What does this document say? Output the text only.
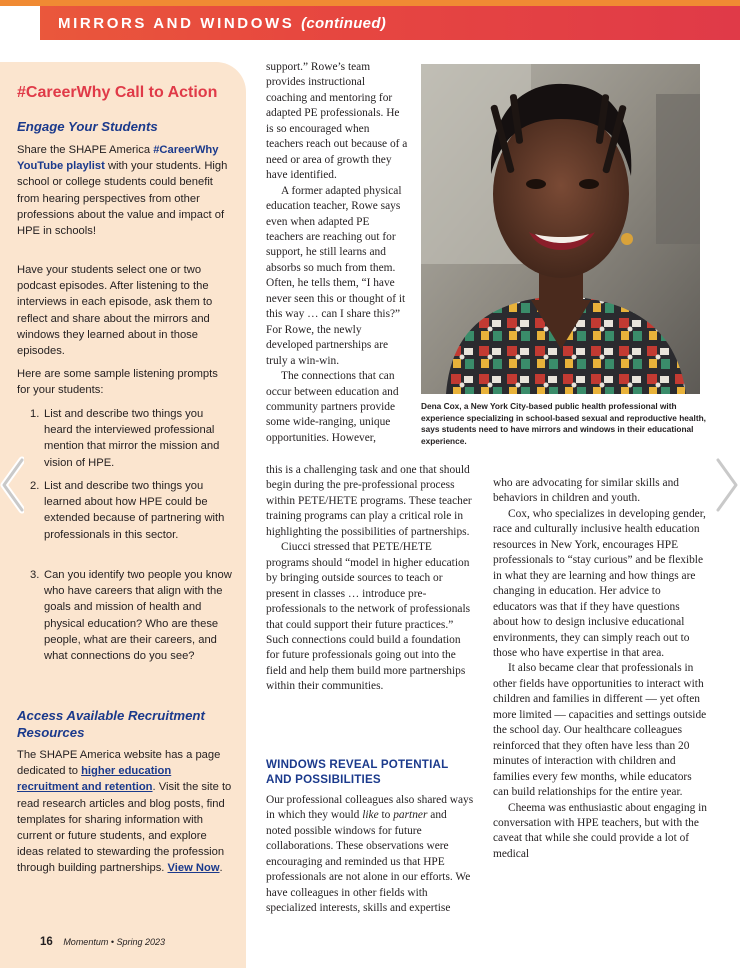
MIRRORS AND WINDOWS (continued)
#CareerWhy Call to Action
Engage Your Students
Share the SHAPE America #CareerWhy YouTube playlist with your students. High school or college students could benefit from hearing perspectives from other professions about the value and impact of HPE in schools!
Have your students select one or two podcast episodes. After listening to the interviews in each episode, ask them to reflect and share about the mirrors and windows they learned about in those episodes.
Here are some sample listening prompts for your students:
1. List and describe two things you heard the interviewed professional mention that mirror the mission and vision of HPE.
2. List and describe two things you learned about how HPE could be extended because of partnering with professionals in this sector.
3. Can you identify two people you know who have careers that align with the goals and mission of health and physical education? Who are these people, what are their careers, and what connections do you see?
Access Available Recruitment Resources
The SHAPE America website has a page dedicated to higher education recruitment and retention. Visit the site to read research articles and blog posts, find templates for sharing information with current or future students, and explore ideas related to stewarding the profession through building partnerships. View Now.
16 Momentum • Spring 2023

support.” Rowe’s team provides instructional coaching and mentoring for adapted PE professionals. He is so encouraged when teachers reach out because of a need or area of growth they have identified.

A former adapted physical education teacher, Rowe says even when adapted PE teachers are reaching out for support, he still learns and absorbs so much from them. Often, he tells them, “I have never seen this or thought of it this way … can I share this?” For Rowe, the newly developed partnerships are truly a win-win.

The connections that can occur between education and community partners provide some wide-ranging, unique opportunities. However,

Dena Cox, a New York City-based public health professional with experience specializing in school-based sexual and reproductive health, says students need to have mirrors and windows in their educational experience.

this is a challenging task and one that should begin during the pre-professional process within PETE/HETE programs. These teacher training programs can play a critical role in highlighting the possibilities of partnerships.

Ciucci stressed that PETE/HETE programs should “model in higher education by bringing outside sources to teach or present in classes … introduce pre-professionals to the network of professionals that could support their future practices.” Such connections could build a foundation for future professionals going out into the field and help them build more partnerships within their communities.

WINDOWS REVEAL POTENTIAL AND POSSIBILITIES

Our professional colleagues also shared ways in which they would like to partner and noted possible windows for future collaborations. These observations were encouraging and reminded us that HPE professionals are not alone in our efforts. We have colleagues in other fields with specialized interests, skills and expertise

who are advocating for similar skills and behaviors in children and youth.

Cox, who specializes in developing gender, race and culturally inclusive health education resources in New York, encourages HPE professionals to “stay curious” and be flexible in what they are learning and how things are changing in education. Her advice to educators was that if they have questions about how to design inclusive educational environments, they can simply reach out to those who have expertise in that area.

It also became clear that professionals in other fields have opportunities to interact with children and families in different — yet often more limited — capacities and settings outside the school day. Our healthcare colleagues reinforced that they often have less than 20 minutes of interaction with children and families every few months, while educators can build relationships for the entire year.

Cheema was enthusiastic about engaging in conversation with HPE teachers, but with the caveat that while she could provide a lot of medical
